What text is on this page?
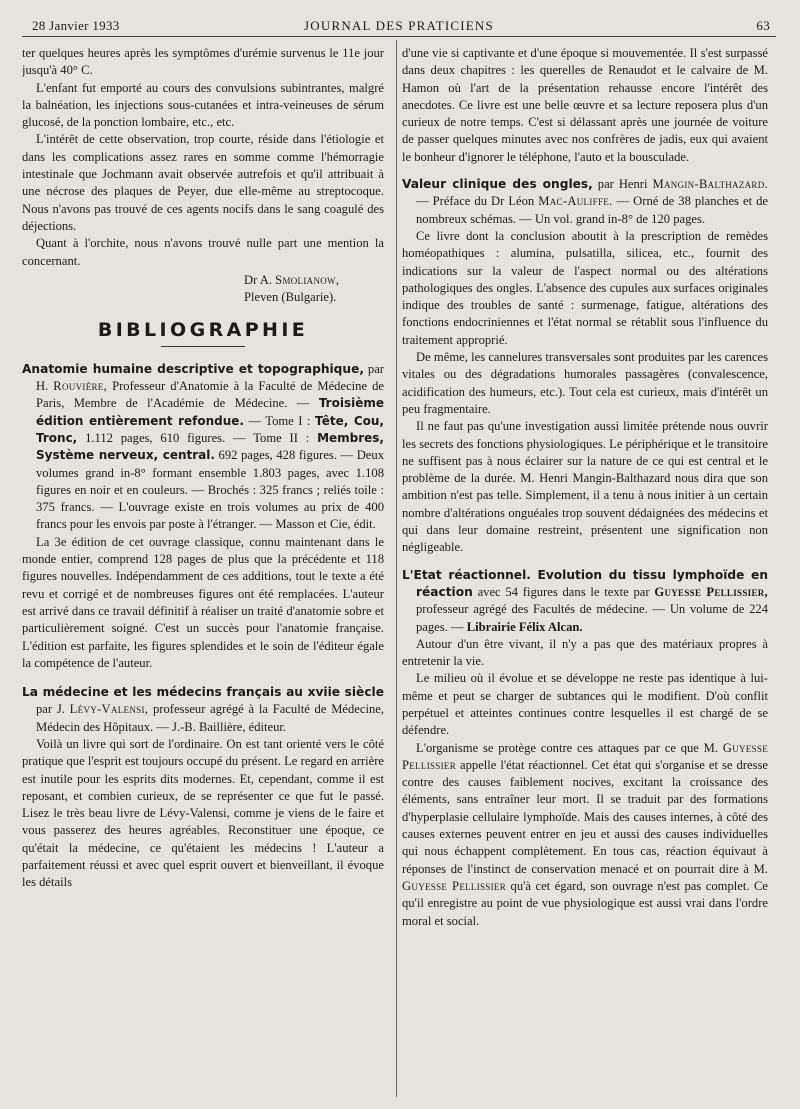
28 Janvier 1933	JOURNAL DES PRATICIENS	63

ter quelques heures après les symptômes d'urémie survenus le 11e jour jusqu'à 40° C.

L'enfant fut emporté au cours des convulsions subintrantes, malgré la balnéation, les injections sous-cutanées et intra-veineuses de sérum glucosé, de la ponction lombaire, etc., etc.

L'intérêt de cette observation, trop courte, réside dans l'étiologie et dans les complications assez rares en somme comme l'hémorragie intestinale que Jochmann avait observée autrefois et qu'il attribuait à une nécrose des plaques de Peyer, due elle-même au streptocoque. Nous n'avons pas trouvé de ces agents nocifs dans le sang coagulé des déjections.

Quant à l'orchite, nous n'avons trouvé nulle part une mention la concernant.

Dr A. Smolianow,

Pleven (Bulgarie).

BIBLIOGRAPHIE

Anatomie humaine descriptive et topographique, par H. Rouvière, Professeur d'Anatomie à la Faculté de Médecine de Paris, Membre de l'Académie de Médecine. — Troisième édition entièrement refondue. — Tome I : Tête, Cou, Tronc, 1.112 pages, 610 figures. — Tome II : Membres, Système nerveux, central. 692 pages, 428 figures. — Deux volumes grand in-8° formant ensemble 1.803 pages, avec 1.108 figures en noir et en couleurs. — Brochés : 325 francs ; reliés toile : 375 francs. — L'ouvrage existe en trois volumes au prix de 400 francs pour les envois par poste à l'étranger. — Masson et Cie, édit.

La 3e édition de cet ouvrage classique, connu maintenant dans le monde entier, comprend 128 pages de plus que la précédente et 118 figures nouvelles. Indépendamment de ces additions, tout le texte a été revu et corrigé et de nombreuses figures ont été remplacées. L'auteur est arrivé dans ce travail définitif à réaliser un traité d'anatomie sobre et particulièrement soigné. C'est un succès pour l'anatomie française. L'édition est parfaite, les figures splendides et le soin de l'éditeur égale la compétence de l'auteur.

La médecine et les médecins français au xviie siècle par J. Lévy-Valensi, professeur agrégé à la Faculté de Médecine, Médecin des Hôpitaux. — J.-B. Baillière, éditeur.

Voilà un livre qui sort de l'ordinaire. On est tant orienté vers le côté pratique que l'esprit est toujours occupé du présent. Le regard en arrière est inutile pour les esprits dits modernes. Et, cependant, comme il est reposant, et combien curieux, de se représenter ce que fut le passé. Lisez le très beau livre de Lévy-Valensi, comme je viens de le faire et vous passerez des heures agréables. Reconstituer une époque, ce qu'était la médecine, ce qu'étaient les médecins ! L'auteur a parfaitement réussi et avec quel esprit ouvert et bienveillant, il évoque les détails

d'une vie si captivante et d'une époque si mouvementée. Il s'est surpassé dans deux chapitres : les querelles de Renaudot et le calvaire de M. Hamon où l'art de la présentation rehausse encore l'intérêt des anecdotes. Ce livre est une belle œuvre et sa lecture reposera plus d'un curieux de notre temps. C'est si délassant après une journée de voiture de passer quelques minutes avec nos confrères de jadis, eux qui avaient le bonheur d'ignorer le téléphone, l'auto et la bousculade.

Valeur clinique des ongles, par Henri Mangin-Balthazard. — Préface du Dr Léon Mac-Auliffe. — Orné de 38 planches et de nombreux schémas. — Un vol. grand in-8° de 120 pages.

Ce livre dont la conclusion aboutit à la prescription de remèdes homéopathiques : alumina, pulsatilla, silicea, etc., fournit des indications sur la valeur de l'aspect normal ou des altérations pathologiques des ongles. L'absence des cupules aux surfaces originales indique des troubles de santé : surmenage, fatigue, altérations des fonctions endocriniennes et l'état normal se rétablit sous l'influence du traitement approprié.

De même, les cannelures transversales sont produites par les carences vitales ou des dégradations humorales passagères (convalescence, acidification des humeurs, etc.). Tout cela est curieux, mais d'intérêt un peu fragmentaire.

Il ne faut pas qu'une investigation aussi limitée prétende nous ouvrir les secrets des fonctions physiologiques. Le périphérique et le transitoire ne suffisent pas à nous éclairer sur la nature de ce qui est central et le problème de la durée. M. Henri Mangin-Balthazard nous dira que son ambition n'est pas telle. Simplement, il a tenu à nous initier à un certain nombre d'altérations onguéales trop souvent dédaignées des médecins et qui dans leur domaine restreint, présentent une signification non négligeable.

L'Etat réactionnel. Evolution du tissu lymphoïde en réaction avec 54 figures dans le texte par Guyesse Pellissier, professeur agrégé des Facultés de médecine. — Un volume de 224 pages. — Librairie Félix Alcan.

Autour d'un être vivant, il n'y a pas que des matériaux propres à entretenir la vie.

Le milieu où il évolue et se développe ne reste pas identique à lui-même et peut se charger de subtances qui le modifient. D'où conflit perpétuel et atteintes continues contre lesquelles il est chargé de se défendre.

L'organisme se protège contre ces attaques par ce que M. Guyesse Pellissier appelle l'état réactionnel. Cet état qui s'organise et se dresse contre des causes faiblement nocives, excitant la croissance des éléments, sans entraîner leur mort. Il se traduit par des formations d'hyperplasie cellulaire lymphoïde. Mais des causes internes, à côté des causes externes peuvent entrer en jeu et aussi des causes individuelles qui nous échappent complètement. En tous cas, réaction équivaut à réponses de l'instinct de conservation menacé et on pourrait dire à M. Guyesse Pellissier qu'à cet égard, son ouvrage n'est pas complet. Ce qu'il enregistre au point de vue physiologique est aussi vrai dans l'ordre moral et social.
